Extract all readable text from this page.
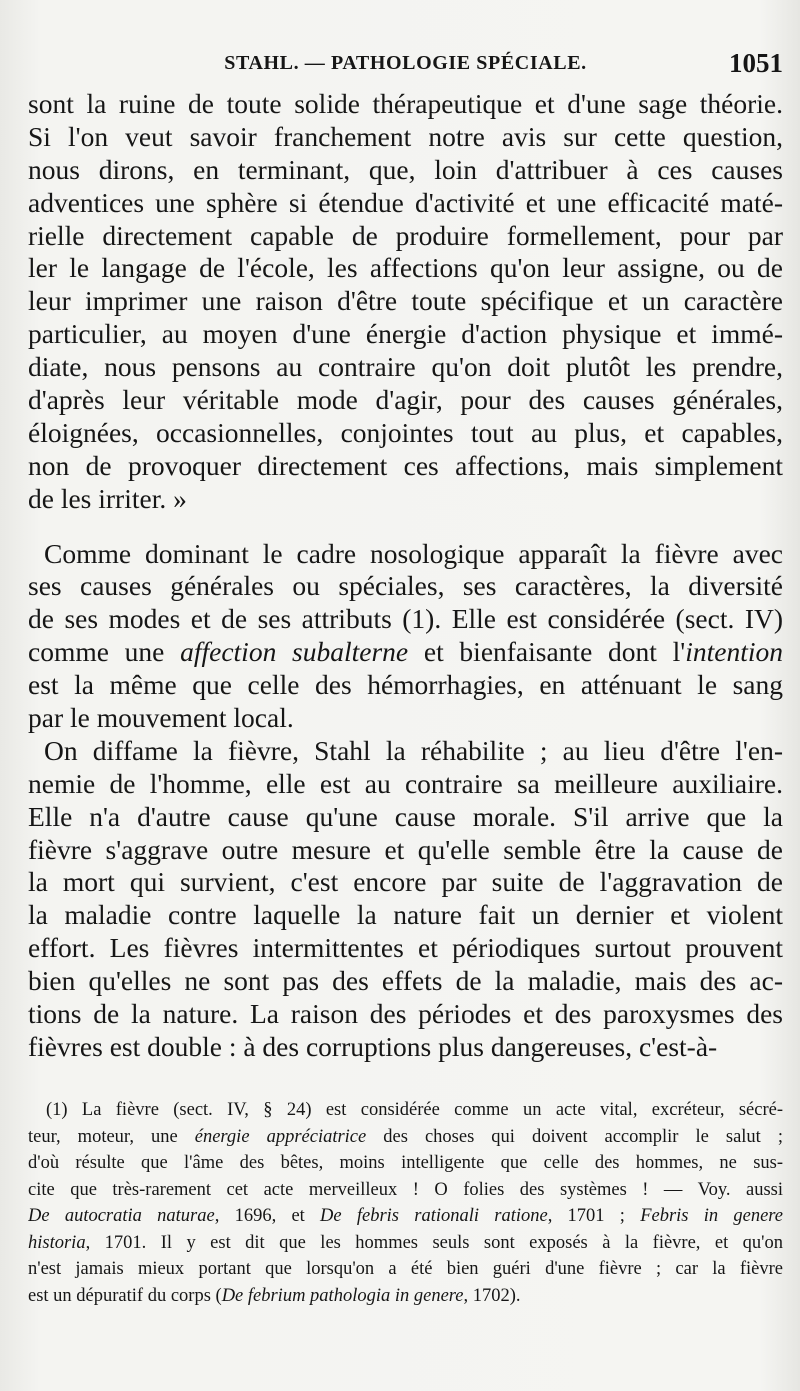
STAHL. — PATHOLOGIE SPÉCIALE.	1051
sont la ruine de toute solide thérapeutique et d'une sage théorie.
Si l'on veut savoir franchement notre avis sur cette question,
nous dirons, en terminant, que, loin d'attribuer à ces causes
adventices une sphère si étendue d'activité et une efficacité maté-
rielle directement capable de produire formellement, pour par
ler le langage de l'école, les affections qu'on leur assigne, ou de
leur imprimer une raison d'être toute spécifique et un caractère
particulier, au moyen d'une énergie d'action physique et immé-
diate, nous pensons au contraire qu'on doit plutôt les prendre,
d'après leur véritable mode d'agir, pour des causes générales,
éloignées, occasionnelles, conjointes tout au plus, et capables,
non de provoquer directement ces affections, mais simplement
de les irriter. »
Comme dominant le cadre nosologique apparaît la fièvre avec
ses causes générales ou spéciales, ses caractères, la diversité
de ses modes et de ses attributs (1). Elle est considérée (sect. IV)
comme une affection subalterne et bienfaisante dont l'intention
est la même que celle des hémorrhagies, en atténuant le sang
par le mouvement local.
On diffame la fièvre, Stahl la réhabilite ; au lieu d'être l'en-
nemie de l'homme, elle est au contraire sa meilleure auxiliaire.
Elle n'a d'autre cause qu'une cause morale. S'il arrive que la
fièvre s'aggrave outre mesure et qu'elle semble être la cause de
la mort qui survient, c'est encore par suite de l'aggravation de
la maladie contre laquelle la nature fait un dernier et violent
effort. Les fièvres intermittentes et périodiques surtout prouvent
bien qu'elles ne sont pas des effets de la maladie, mais des ac-
tions de la nature. La raison des périodes et des paroxysmes des
fièvres est double : à des corruptions plus dangereuses, c'est-à-
(1) La fièvre (sect. IV, § 24) est considérée comme un acte vital, excréteur, sécré-
teur, moteur, une énergie appréciatrice des choses qui doivent accomplir le salut ;
d'où résulte que l'âme des bêtes, moins intelligente que celle des hommes, ne sus-
cite que très-rarement cet acte merveilleux ! O folies des systèmes ! — Voy. aussi
De autocratia naturae, 1696, et De febris rationali ratione, 1701 ; Febris in genere
historia, 1701. Il y est dit que les hommes seuls sont exposés à la fièvre, et qu'on
n'est jamais mieux portant que lorsqu'on a été bien guéri d'une fièvre ; car la fièvre
est un dépuratif du corps (De febrium pathologia in genere, 1702).
